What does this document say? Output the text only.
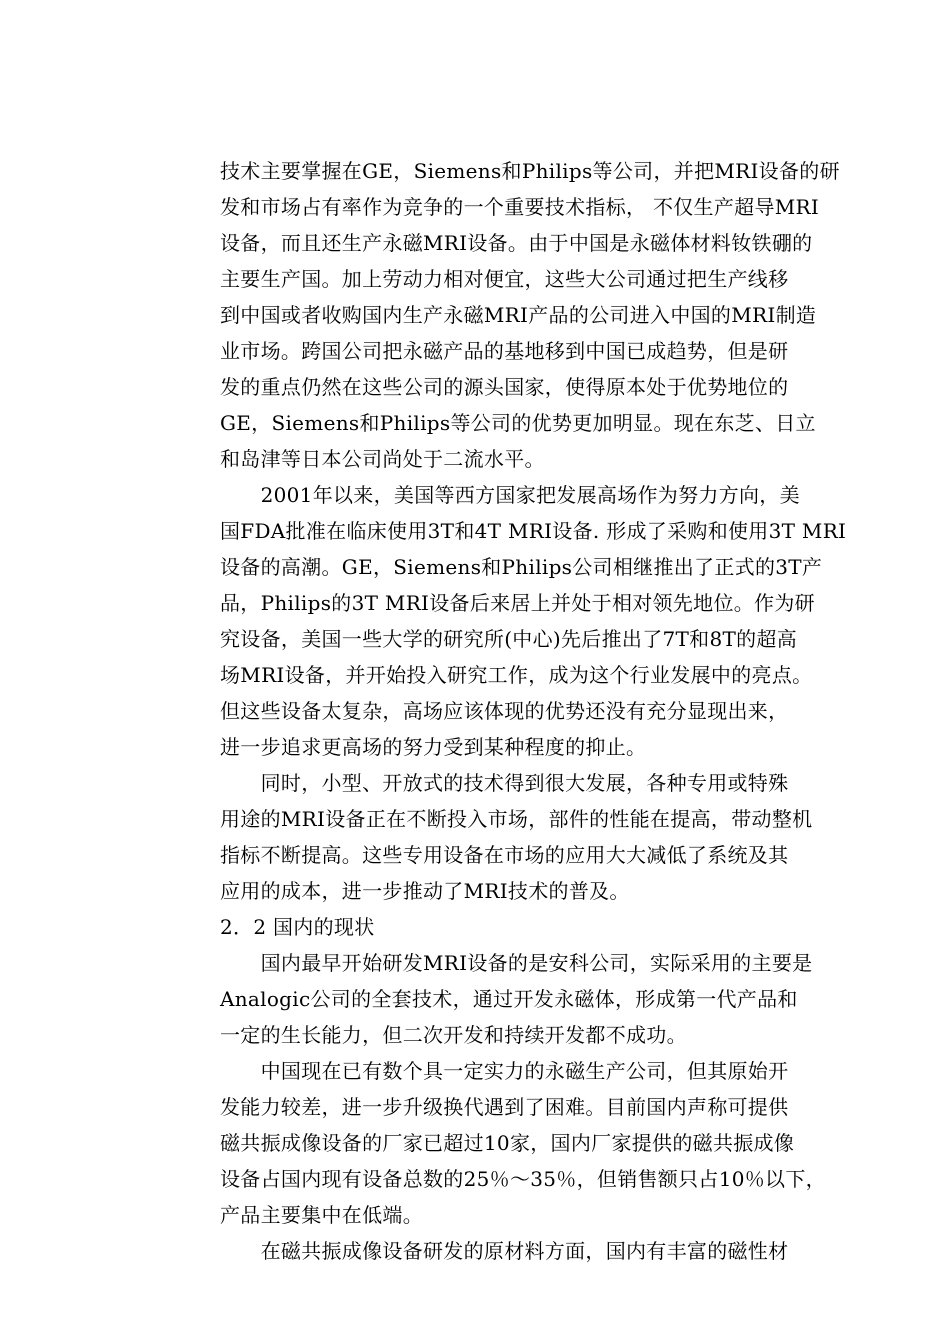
技术主要掌握在GE，Siemens和Philips等公司，并把MRI设备的研
发和市场占有率作为竞争的一个重要技术指标， 不仅生产超导MRI
设备，而且还生产永磁MRI设备。由于中国是永磁体材料钕铁硼的
主要生产国。加上劳动力相对便宜，这些大公司通过把生产线移
到中国或者收购国内生产永磁MRI产品的公司进入中国的MRI制造
业市场。跨国公司把永磁产品的基地移到中国已成趋势，但是研
发的重点仍然在这些公司的源头国家，使得原本处于优势地位的
GE，Siemens和Philips等公司的优势更加明显。现在东芝、日立
和岛津等日本公司尚处于二流水平。
　　2001年以来，美国等西方国家把发展高场作为努力方向，美
国FDA批准在临床使用3T和4T MRI设备. 形成了采购和使用3T MRI
设备的高潮。GE，Siemens和Philips公司相继推出了正式的3T产
品，Philips的3T MRI设备后来居上并处于相对领先地位。作为研
究设备，美国一些大学的研究所(中心)先后推出了7T和8T的超高
场MRI设备，并开始投入研究工作，成为这个行业发展中的亮点。
但这些设备太复杂，高场应该体现的优势还没有充分显现出来，
进一步追求更高场的努力受到某种程度的抑止。
　　同时，小型、开放式的技术得到很大发展，各种专用或特殊
用途的MRI设备正在不断投入市场，部件的性能在提高，带动整机
指标不断提高。这些专用设备在市场的应用大大减低了系统及其
应用的成本，进一步推动了MRI技术的普及。
2．2 国内的现状
　　国内最早开始研发MRI设备的是安科公司，实际采用的主要是
Analogic公司的全套技术，通过开发永磁体，形成第一代产品和
一定的生长能力，但二次开发和持续开发都不成功。
　　中国现在已有数个具一定实力的永磁生产公司，但其原始开
发能力较差，进一步升级换代遇到了困难。目前国内声称可提供
磁共振成像设备的厂家已超过10家，国内厂家提供的磁共振成像
设备占国内现有设备总数的25％～35％，但销售额只占10％以下，
产品主要集中在低端。
　　在磁共振成像设备研发的原材料方面，国内有丰富的磁性材
